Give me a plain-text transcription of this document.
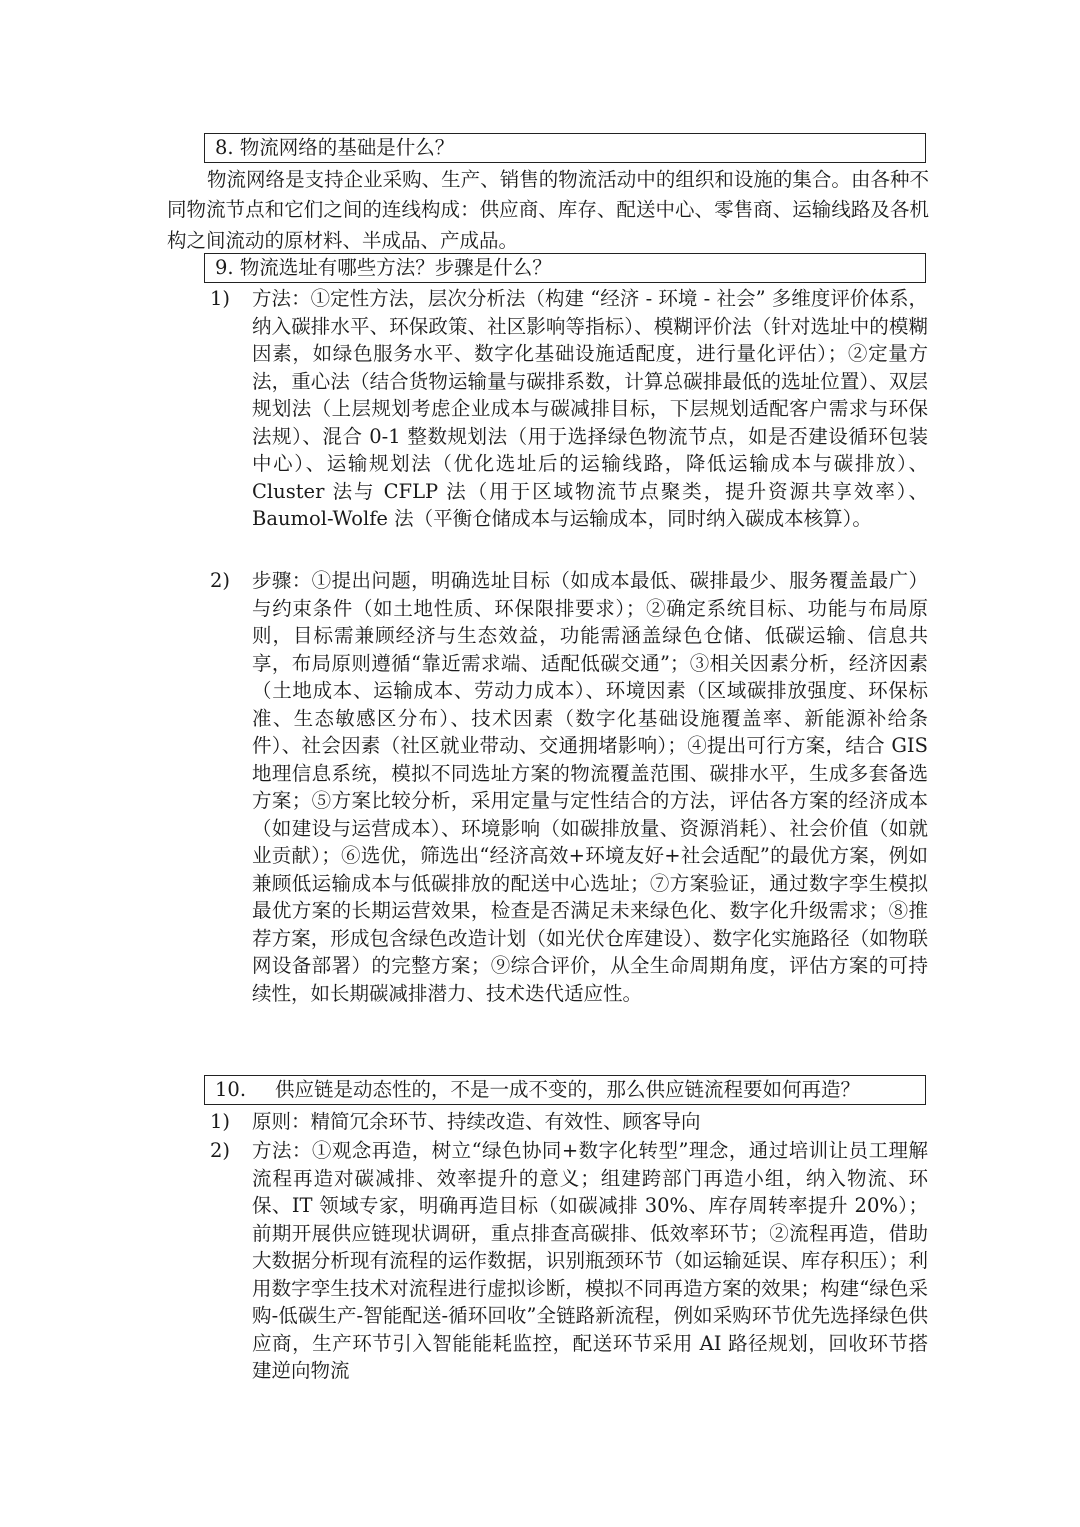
8. 物流网络的基础是什么？

物流网络是支持企业采购、生产、销售的物流活动中的组织和设施的集合。由各种不同物流节点和它们之间的连线构成：供应商、库存、配送中心、零售商、运输线路及各机构之间流动的原材料、半成品、产成品。

9. 物流选址有哪些方法？步骤是什么？
1)	方法：①定性方法，层次分析法（构建 “经济 - 环境 - 社会” 多维度评价体系，纳入碳排水平、环保政策、社区影响等指标）、模糊评价法（针对选址中的模糊因素，如绿色服务水平、数字化基础设施适配度，进行量化评估）；②定量方法，重心法（结合货物运输量与碳排系数，计算总碳排最低的选址位置）、双层规划法（上层规划考虑企业成本与碳减排目标，下层规划适配客户需求与环保法规）、混合 0-1 整数规划法（用于选择绿色物流节点，如是否建设循环包装中心）、运输规划法（优化选址后的运输线路，降低运输成本与碳排放）、Cluster 法与 CFLP 法（用于区域物流节点聚类，提升资源共享效率）、Baumol-Wolfe 法（平衡仓储成本与运输成本，同时纳入碳成本核算）。

2)	步骤：①提出问题，明确选址目标（如成本最低、碳排最少、服务覆盖最广）与约束条件（如土地性质、环保限排要求）；②确定系统目标、功能与布局原则，目标需兼顾经济与生态效益，功能需涵盖绿色仓储、低碳运输、信息共享，布局原则遵循“靠近需求端、适配低碳交通”；③相关因素分析，经济因素（土地成本、运输成本、劳动力成本）、环境因素（区域碳排放强度、环保标准、生态敏感区分布）、技术因素（数字化基础设施覆盖率、新能源补给条件）、社会因素（社区就业带动、交通拥堵影响）；④提出可行方案，结合 GIS 地理信息系统，模拟不同选址方案的物流覆盖范围、碳排水平，生成多套备选方案；⑤方案比较分析，采用定量与定性结合的方法，评估各方案的经济成本（如建设与运营成本）、环境影响（如碳排放量、资源消耗）、社会价值（如就业贡献）；⑥选优，筛选出“经济高效+环境友好+社会适配”的最优方案，例如兼顾低运输成本与低碳排放的配送中心选址；⑦方案验证，通过数字孪生模拟最优方案的长期运营效果，检查是否满足未来绿色化、数字化升级需求；⑧推荐方案，形成包含绿色改造计划（如光伏仓库建设）、数字化实施路径（如物联网设备部署）的完整方案；⑨综合评价，从全生命周期角度，评估方案的可持续性，如长期碳减排潜力、技术迭代适应性。

10. 供应链是动态性的，不是一成不变的，那么供应链流程要如何再造？
1)	原则：精简冗余环节、持续改造、有效性、顾客导向

2)	方法：①观念再造，树立“绿色协同+数字化转型”理念，通过培训让员工理解流程再造对碳减排、效率提升的意义；组建跨部门再造小组，纳入物流、环保、IT 领域专家，明确再造目标（如碳减排 30%、库存周转率提升 20%）；前期开展供应链现状调研，重点排查高碳排、低效率环节；②流程再造，借助大数据分析现有流程的运作数据，识别瓶颈环节（如运输延误、库存积压）；利用数字孪生技术对流程进行虚拟诊断，模拟不同再造方案的效果；构建“绿色采购-低碳生产-智能配送-循环回收”全链路新流程，例如采购环节优先选择绿色供应商，生产环节引入智能能耗监控，配送环节采用 AI 路径规划，回收环节搭建逆向物流
